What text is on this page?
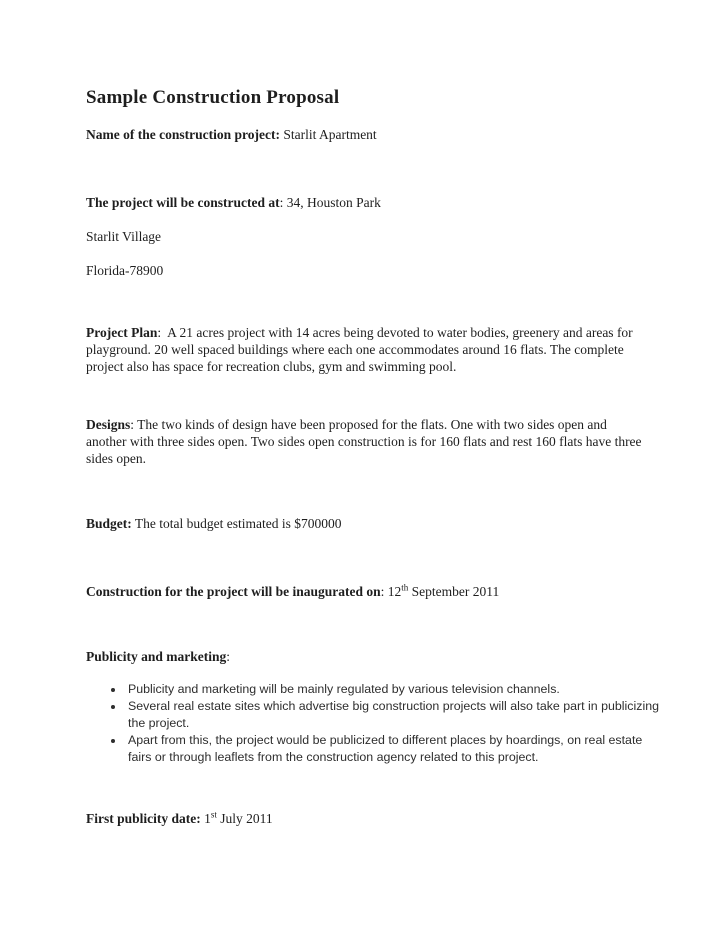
Sample Construction Proposal

Name of the construction project: Starlit Apartment

The project will be constructed at: 34, Houston Park

Starlit Village

Florida-78900

Project Plan:  A 21 acres project with 14 acres being devoted to water bodies, greenery and areas for playground. 20 well spaced buildings where each one accommodates around 16 flats. The complete project also has space for recreation clubs, gym and swimming pool.

Designs: The two kinds of design have been proposed for the flats. One with two sides open and another with three sides open. Two sides open construction is for 160 flats and rest 160 flats have three sides open.

Budget: The total budget estimated is $700000

Construction for the project will be inaugurated on: 12th September 2011

Publicity and marketing:

• Publicity and marketing will be mainly regulated by various television channels.
• Several real estate sites which advertise big construction projects will also take part in publicizing the project.
• Apart from this, the project would be publicized to different places by hoardings, on real estate fairs or through leaflets from the construction agency related to this project.

First publicity date: 1st July 2011
